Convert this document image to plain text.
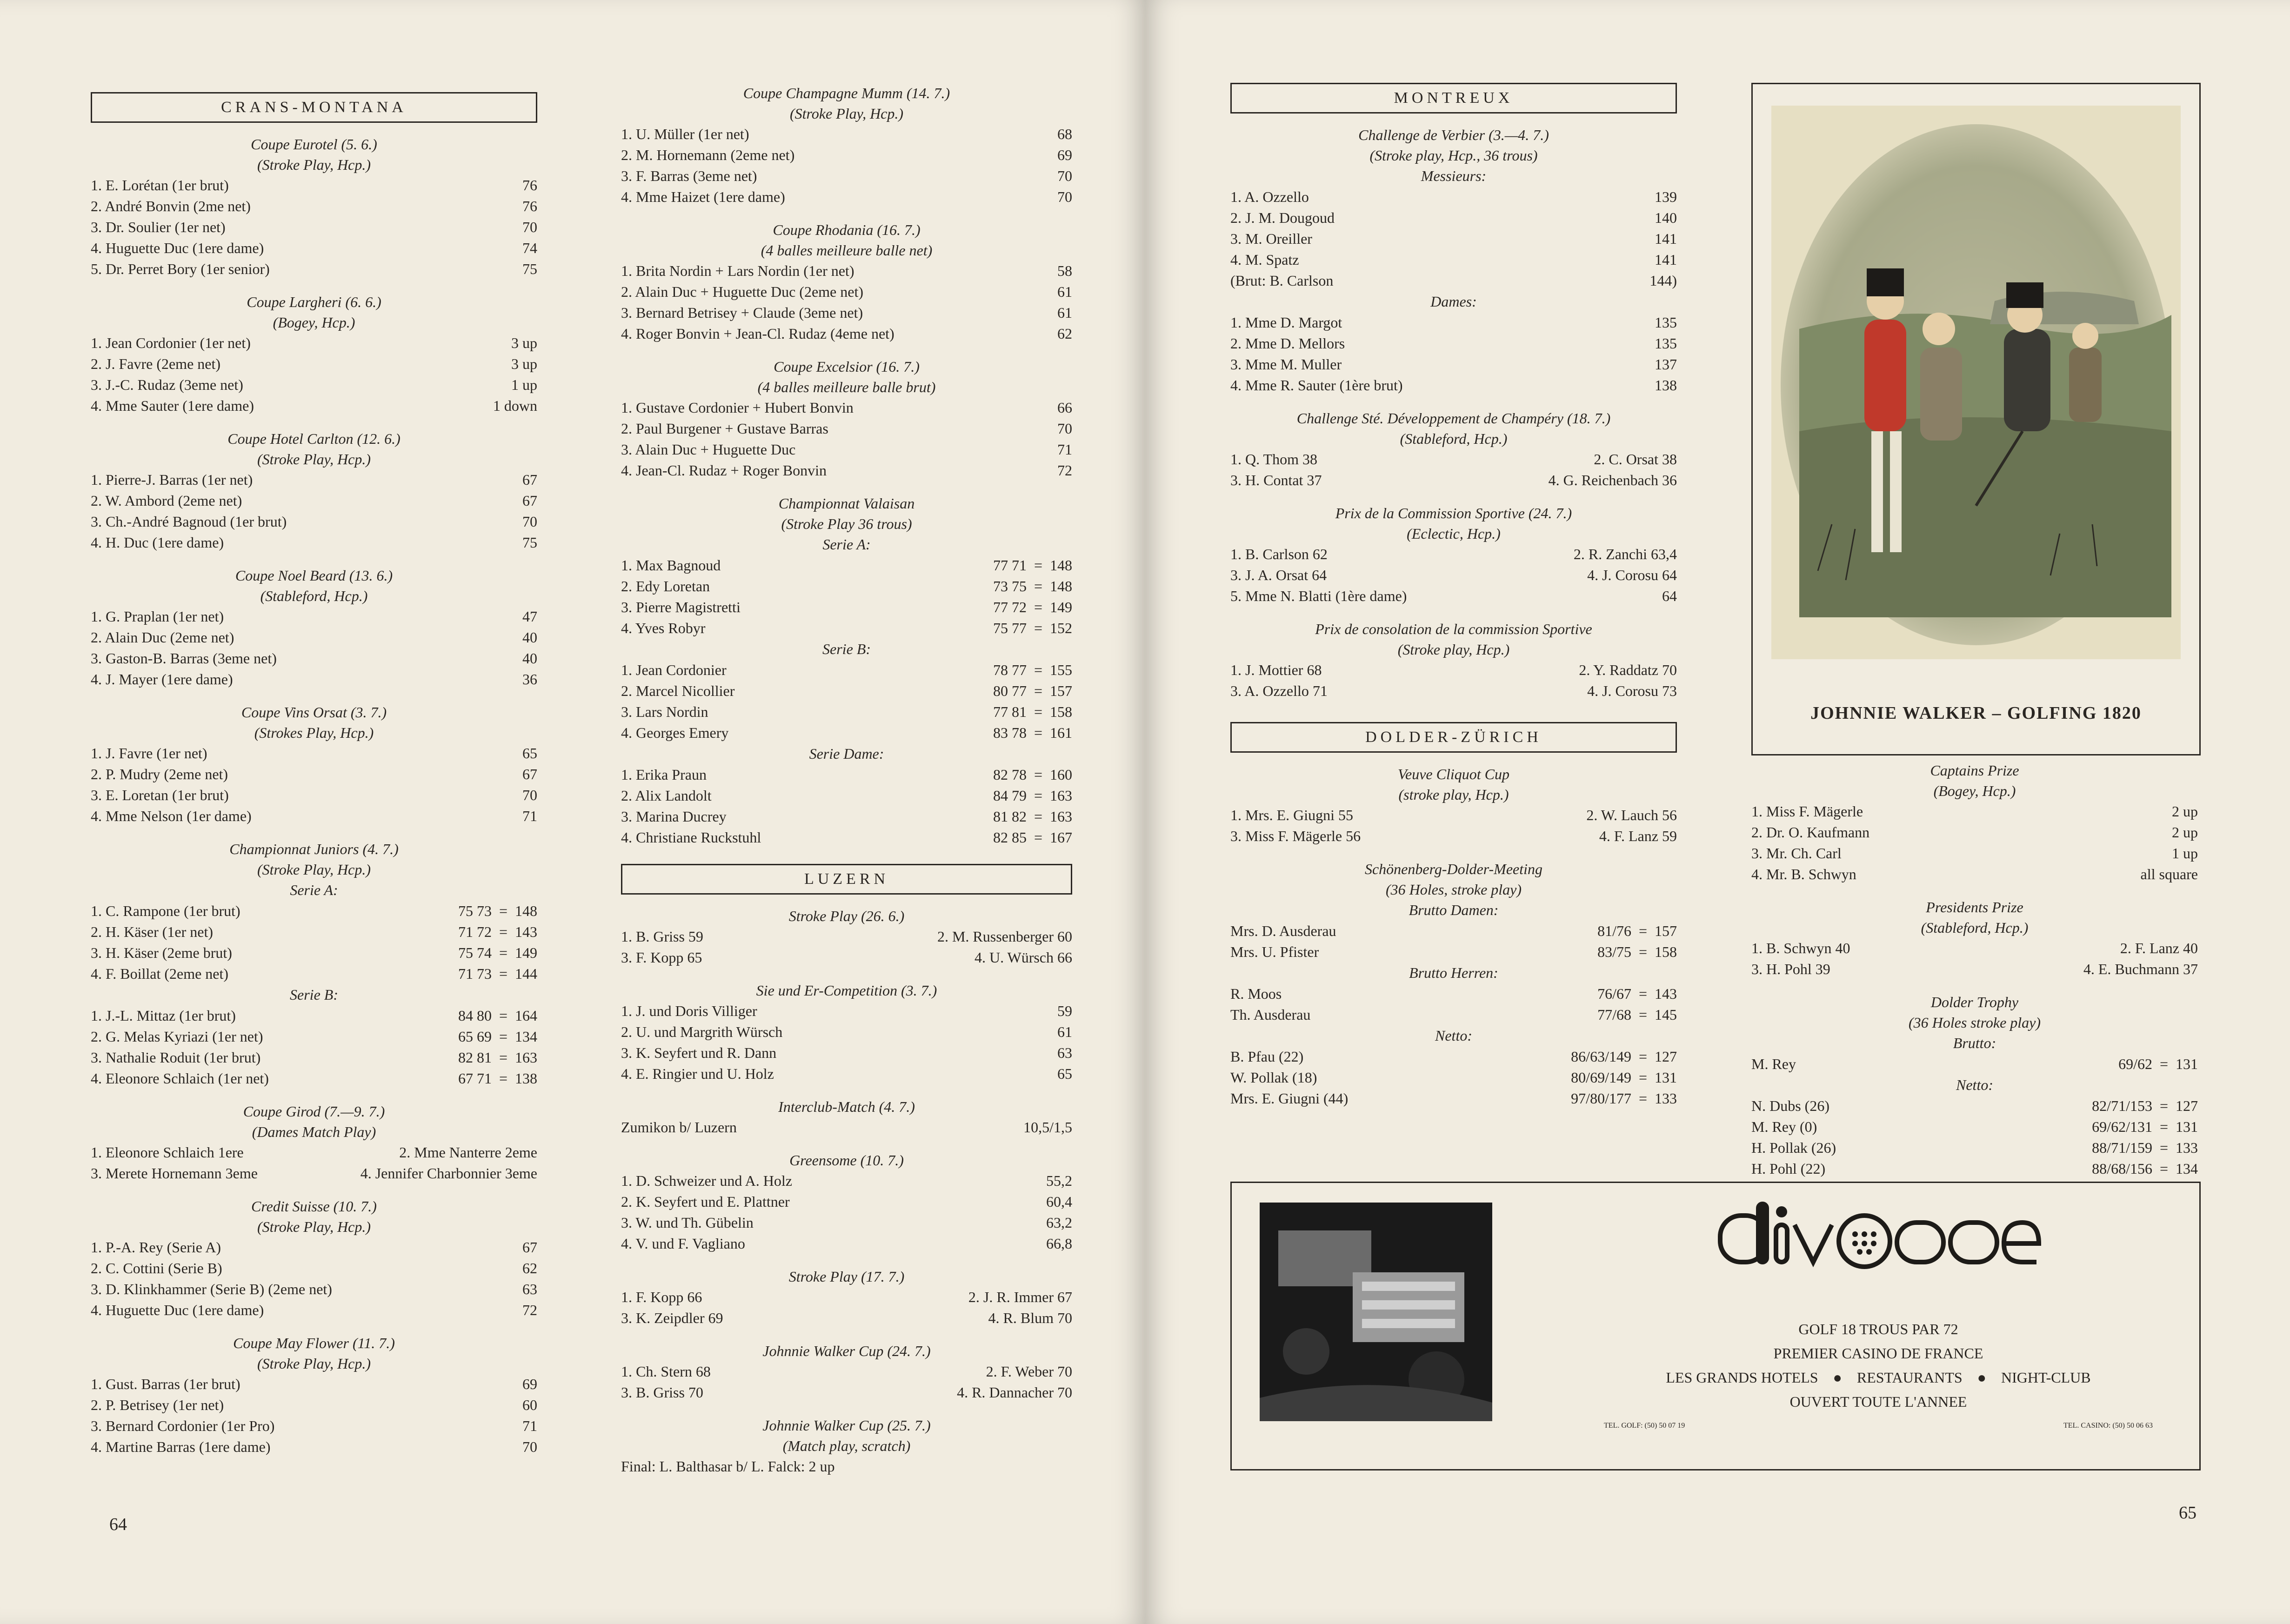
CRANS-MONTANA
Coupe Eurotel (5. 6.)
(Stroke Play, Hcp.)
1. E. Lorétan (1er brut)	76
2. André Bonvin (2me net)	76
3. Dr. Soulier (1er net)	70
4. Huguette Duc (1ere dame)	74
5. Dr. Perret Bory (1er senior)	75
Coupe Largheri (6. 6.)
(Bogey, Hcp.)
1. Jean Cordonier (1er net)	3 up
2. J. Favre (2eme net)	3 up
3. J.-C. Rudaz (3eme net)	1 up
4. Mme Sauter (1ere dame)	1 down
Coupe Hotel Carlton (12. 6.)
(Stroke Play, Hcp.)
1. Pierre-J. Barras (1er net)	67
2. W. Ambord (2eme net)	67
3. Ch.-André Bagnoud (1er brut)	70
4. H. Duc (1ere dame)	75
Coupe Noel Beard (13. 6.)
(Stableford, Hcp.)
1. G. Praplan (1er net)	47
2. Alain Duc (2eme net)	40
3. Gaston-B. Barras (3eme net)	40
4. J. Mayer (1ere dame)	36
Coupe Vins Orsat (3. 7.)
(Strokes Play, Hcp.)
1. J. Favre (1er net)	65
2. P. Mudry (2eme net)	67
3. E. Loretan (1er brut)	70
4. Mme Nelson (1er dame)	71
Championnat Juniors (4. 7.)
(Stroke Play, Hcp.)
Serie A:
1. C. Rampone (1er brut)	75 73  =  148
2. H. Käser (1er net)	71 72  =  143
3. H. Käser (2eme brut)	75 74  =  149
4. F. Boillat (2eme net)	71 73  =  144
Serie B:
1. J.-L. Mittaz (1er brut)	84 80  =  164
2. G. Melas Kyriazi (1er net)	65 69  =  134
3. Nathalie Roduit (1er brut)	82 81  =  163
4. Eleonore Schlaich (1er net)	67 71  =  138
Coupe Girod (7.—9. 7.)
(Dames Match Play)
1. Eleonore Schlaich 1ere	2. Mme Nanterre 2eme
3. Merete Hornemann 3eme	4. Jennifer Charbonnier 3eme
Credit Suisse (10. 7.)
(Stroke Play, Hcp.)
1. P.-A. Rey (Serie A)	67
2. C. Cottini (Serie B)	62
3. D. Klinkhammer (Serie B) (2eme net)	63
4. Huguette Duc (1ere dame)	72
Coupe May Flower (11. 7.)
(Stroke Play, Hcp.)
1. Gust. Barras (1er brut)	69
2. P. Betrisey (1er net)	60
3. Bernard Cordonier (1er Pro)	71
4. Martine Barras (1ere dame)	70
Coupe Champagne Mumm (14. 7.)
(Stroke Play, Hcp.)
1. U. Müller (1er net)	68
2. M. Hornemann (2eme net)	69
3. F. Barras (3eme net)	70
4. Mme Haizet (1ere dame)	70
Coupe Rhodania (16. 7.)
(4 balles meilleure balle net)
1. Brita Nordin + Lars Nordin (1er net)	58
2. Alain Duc + Huguette Duc (2eme net)	61
3. Bernard Betrisey + Claude (3eme net)	61
4. Roger Bonvin + Jean-Cl. Rudaz (4eme net)	62
Coupe Excelsior (16. 7.)
(4 balles meilleure balle brut)
1. Gustave Cordonier + Hubert Bonvin	66
2. Paul Burgener + Gustave Barras	70
3. Alain Duc + Huguette Duc	71
4. Jean-Cl. Rudaz + Roger Bonvin	72
Championnat Valaisan
(Stroke Play 36 trous)
Serie A:
1. Max Bagnoud	77 71  =  148
2. Edy Loretan	73 75  =  148
3. Pierre Magistretti	77 72  =  149
4. Yves Robyr	75 77  =  152
Serie B:
1. Jean Cordonier	78 77  =  155
2. Marcel Nicollier	80 77  =  157
3. Lars Nordin	77 81  =  158
4. Georges Emery	83 78  =  161
Serie Dame:
1. Erika Praun	82 78  =  160
2. Alix Landolt	84 79  =  163
3. Marina Ducrey	81 82  =  163
4. Christiane Ruckstuhl	82 85  =  167
LUZERN
Stroke Play (26. 6.)
1. B. Griss 59	2. M. Russenberger 60
3. F. Kopp 65	4. U. Würsch 66
Sie und Er-Competition (3. 7.)
1. J. und Doris Villiger	59
2. U. und Margrith Würsch	61
3. K. Seyfert und R. Dann	63
4. E. Ringier und U. Holz	65
Interclub-Match (4. 7.)
Zumikon b/ Luzern	10,5/1,5
Greensome (10. 7.)
1. D. Schweizer und A. Holz	55,2
2. K. Seyfert und E. Plattner	60,4
3. W. und Th. Gübelin	63,2
4. V. und F. Vagliano	66,8
Stroke Play (17. 7.)
1. F. Kopp 66	2. J. R. Immer 67
3. K. Zeipdler 69	4. R. Blum 70
Johnnie Walker Cup (24. 7.)
1. Ch. Stern 68	2. F. Weber 70
3. B. Griss 70	4. R. Dannacher 70
Johnnie Walker Cup (25. 7.)
(Match play, scratch)
Final: L. Balthasar b/ L. Falck: 2 up
64
MONTREUX
Challenge de Verbier (3.—4. 7.)
(Stroke play, Hcp., 36 trous)
Messieurs:
1. A. Ozzello	139
2. J. M. Dougoud	140
3. M. Oreiller	141
4. M. Spatz	141
(Brut: B. Carlson	144)
Dames:
1. Mme D. Margot	135
2. Mme D. Mellors	135
3. Mme M. Muller	137
4. Mme R. Sauter (1ère brut)	138
Challenge Sté. Développement de Champéry (18. 7.)
(Stableford, Hcp.)
1. Q. Thom 38	2. C. Orsat 38
3. H. Contat 37	4. G. Reichenbach 36
Prix de la Commission Sportive (24. 7.)
(Eclectic, Hcp.)
1. B. Carlson 62	2. R. Zanchi 63,4
3. J. A. Orsat 64	4. J. Corosu 64
5. Mme N. Blatti (1ère dame)	64
Prix de consolation de la commission Sportive
(Stroke play, Hcp.)
1. J. Mottier 68	2. Y. Raddatz 70
3. A. Ozzello 71	4. J. Corosu 73
DOLDER-ZÜRICH
Veuve Cliquot Cup
(stroke play, Hcp.)
1. Mrs. E. Giugni 55	2. W. Lauch 56
3. Miss F. Mägerle 56	4. F. Lanz 59
Schönenberg-Dolder-Meeting
(36 Holes, stroke play)
Brutto Damen:
Mrs. D. Ausderau	81/76  =  157
Mrs. U. Pfister	83/75  =  158
Brutto Herren:
R. Moos	76/67  =  143
Th. Ausderau	77/68  =  145
Netto:
B. Pfau (22)	86/63/149  =  127
W. Pollak (18)	80/69/149  =  131
Mrs. E. Giugni (44)	97/80/177  =  133
JOHNNIE WALKER – GOLFING 1820
Captains Prize
(Bogey, Hcp.)
1. Miss F. Mägerle	2 up
2. Dr. O. Kaufmann	2 up
3. Mr. Ch. Carl	1 up
4. Mr. B. Schwyn	all square
Presidents Prize
(Stableford, Hcp.)
1. B. Schwyn 40	2. F. Lanz 40
3. H. Pohl 39	4. E. Buchmann 37
Dolder Trophy
(36 Holes stroke play)
Brutto:
M. Rey	69/62  =  131
Netto:
N. Dubs (26)	82/71/153  =  127
M. Rey (0)	69/62/131  =  131
H. Pollak (26)	88/71/159  =  133
H. Pohl (22)	88/68/156  =  134
GOLF 18 TROUS PAR 72
PREMIER CASINO DE FRANCE
LES GRANDS HOTELS ● RESTAURANTS ● NIGHT-CLUB
OUVERT TOUTE L'ANNEE
TEL. GOLF: (50) 50 07 19	TEL. CASINO: (50) 50 06 63
65
